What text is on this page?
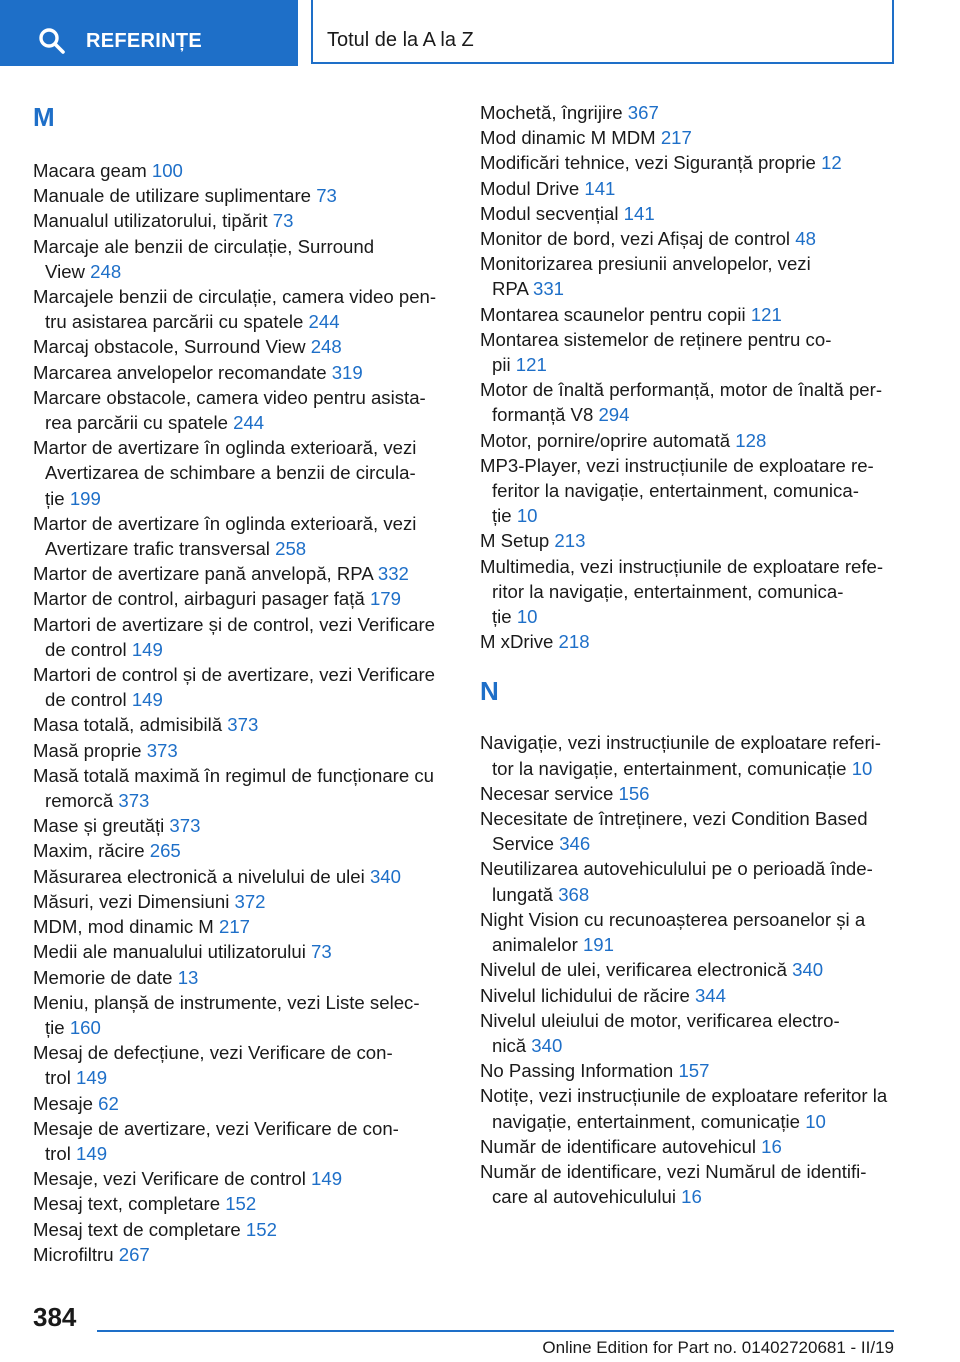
REFERINȚE	Totul de la A la Z
M
Macara geam 100
Manuale de utilizare suplimentare 73
Manualul utilizatorului, tipărit 73
Marcaje ale benzii de circulație, Surround
View 248
Marcajele benzii de circulație, camera video pen-
tru asistarea parcării cu spatele 244
Marcaj obstacole, Surround View 248
Marcarea anvelopelor recomandate 319
Marcare obstacole, camera video pentru asista-
rea parcării cu spatele 244
Martor de avertizare în oglinda exterioară, vezi
Avertizarea de schimbare a benzii de circula-
ție 199
Martor de avertizare în oglinda exterioară, vezi
Avertizare trafic transversal 258
Martor de avertizare pană anvelopă, RPA 332
Martor de control, airbaguri pasager față 179
Martori de avertizare și de control, vezi Verificare
de control 149
Martori de control și de avertizare, vezi Verificare
de control 149
Masa totală, admisibilă 373
Masă proprie 373
Masă totală maximă în regimul de funcționare cu
remorcă 373
Mase și greutăți 373
Maxim, răcire 265
Măsurarea electronică a nivelului de ulei 340
Măsuri, vezi Dimensiuni 372
MDM, mod dinamic M 217
Medii ale manualului utilizatorului 73
Memorie de date 13
Meniu, planșă de instrumente, vezi Liste selec-
ție 160
Mesaj de defecțiune, vezi Verificare de con-
trol 149
Mesaje 62
Mesaje de avertizare, vezi Verificare de con-
trol 149
Mesaje, vezi Verificare de control 149
Mesaj text, completare 152
Mesaj text de completare 152
Microfiltru 267
Mochetă, îngrijire 367
Mod dinamic M MDM 217
Modificări tehnice, vezi Siguranță proprie 12
Modul Drive 141
Modul secvențial 141
Monitor de bord, vezi Afișaj de control 48
Monitorizarea presiunii anvelopelor, vezi
RPA 331
Montarea scaunelor pentru copii 121
Montarea sistemelor de reținere pentru co-
pii 121
Motor de înaltă performanță, motor de înaltă per-
formanță V8 294
Motor, pornire/oprire automată 128
MP3-Player, vezi instrucțiunile de exploatare re-
feritor la navigație, entertainment, comunica-
ție 10
M Setup 213
Multimedia, vezi instrucțiunile de exploatare refe-
ritor la navigație, entertainment, comunica-
ție 10
M xDrive 218
N
Navigație, vezi instrucțiunile de exploatare referi-
tor la navigație, entertainment, comunicație 10
Necesar service 156
Necesitate de întreținere, vezi Condition Based
Service 346
Neutilizarea autovehiculului pe o perioadă înde-
lungată 368
Night Vision cu recunoașterea persoanelor și a
animalelor 191
Nivelul de ulei, verificarea electronică 340
Nivelul lichidului de răcire 344
Nivelul uleiului de motor, verificarea electro-
nică 340
No Passing Information 157
Notițe, vezi instrucțiunile de exploatare referitor la
navigație, entertainment, comunicație 10
Număr de identificare autovehicul 16
Număr de identificare, vezi Numărul de identifi-
care al autovehiculului 16
384
Online Edition for Part no. 01402720681 - II/19
